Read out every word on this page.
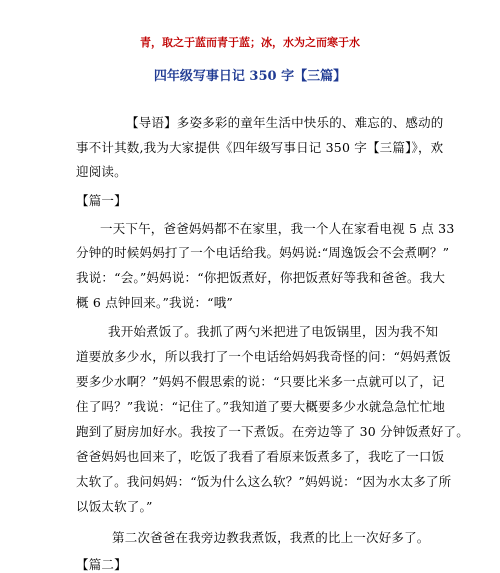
青，取之于蓝而青于蓝；冰，水为之而寒于水
四年级写事日记 350 字【三篇】
【导语】多姿多彩的童年生活中快乐的、难忘的、感动的
事不计其数,我为大家提供《四年级写事日记 350 字【三篇】》，欢
迎阅读。
【篇一】
一天下午，爸爸妈妈都不在家里，我一个人在家看电视 5 点 33
分钟的时候妈妈打了一个电话给我。妈妈说:“周逸饭会不会煮啊？”
我说：“会。”妈妈说：“你把饭煮好，你把饭煮好等我和爸爸。我大
概 6 点钟回来。”我说：“哦”
我开始煮饭了。我抓了两勺米把进了电饭锅里，因为我不知
道要放多少水，所以我打了一个电话给妈妈我奇怪的问：“妈妈煮饭
要多少水啊？”妈妈不假思索的说：“只要比米多一点就可以了，记
住了吗？”我说：“记住了。”我知道了要大概要多少水就急急忙忙地
跑到了厨房加好水。我按了一下煮饭。在旁边等了 30 分钟饭煮好了。
爸爸妈妈也回来了，吃饭了我看了看原来饭煮多了，我吃了一口饭
太软了。我问妈妈：“饭为什么这么软？”妈妈说：“因为水太多了所
以饭太软了。”
第二次爸爸在我旁边教我煮饭，我煮的比上一次好多了。
【篇二】
